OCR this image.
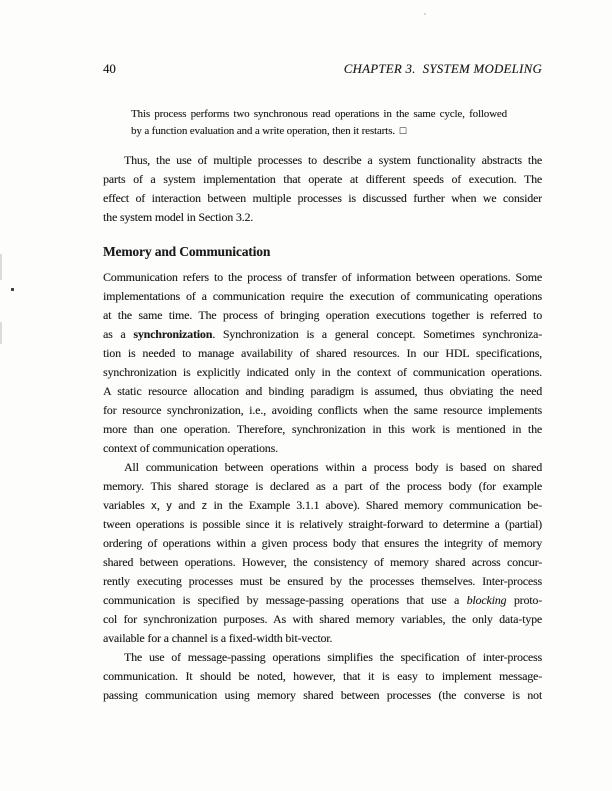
40	CHAPTER 3.  SYSTEM MODELING
This process performs two synchronous read operations in the same cycle, followed
by a function evaluation and a write operation, then it restarts. □
Thus, the use of multiple processes to describe a system functionality abstracts the
parts of a system implementation that operate at different speeds of execution. The
effect of interaction between multiple processes is discussed further when we consider
the system model in Section 3.2.
Memory and Communication
Communication refers to the process of transfer of information between operations. Some
implementations of a communication require the execution of communicating operations
at the same time. The process of bringing operation executions together is referred to
as a synchronization. Synchronization is a general concept. Sometimes synchroniza-
tion is needed to manage availability of shared resources. In our HDL specifications,
synchronization is explicitly indicated only in the context of communication operations.
A static resource allocation and binding paradigm is assumed, thus obviating the need
for resource synchronization, i.e., avoiding conflicts when the same resource implements
more than one operation. Therefore, synchronization in this work is mentioned in the
context of communication operations.
All communication between operations within a process body is based on shared
memory. This shared storage is declared as a part of the process body (for example
variables x, y and z in the Example 3.1.1 above). Shared memory communication be-
tween operations is possible since it is relatively straight-forward to determine a (partial)
ordering of operations within a given process body that ensures the integrity of memory
shared between operations. However, the consistency of memory shared across concur-
rently executing processes must be ensured by the processes themselves. Inter-process
communication is specified by message-passing operations that use a blocking proto-
col for synchronization purposes. As with shared memory variables, the only data-type
available for a channel is a fixed-width bit-vector.
The use of message-passing operations simplifies the specification of inter-process
communication. It should be noted, however, that it is easy to implement message-
passing communication using memory shared between processes (the converse is not
